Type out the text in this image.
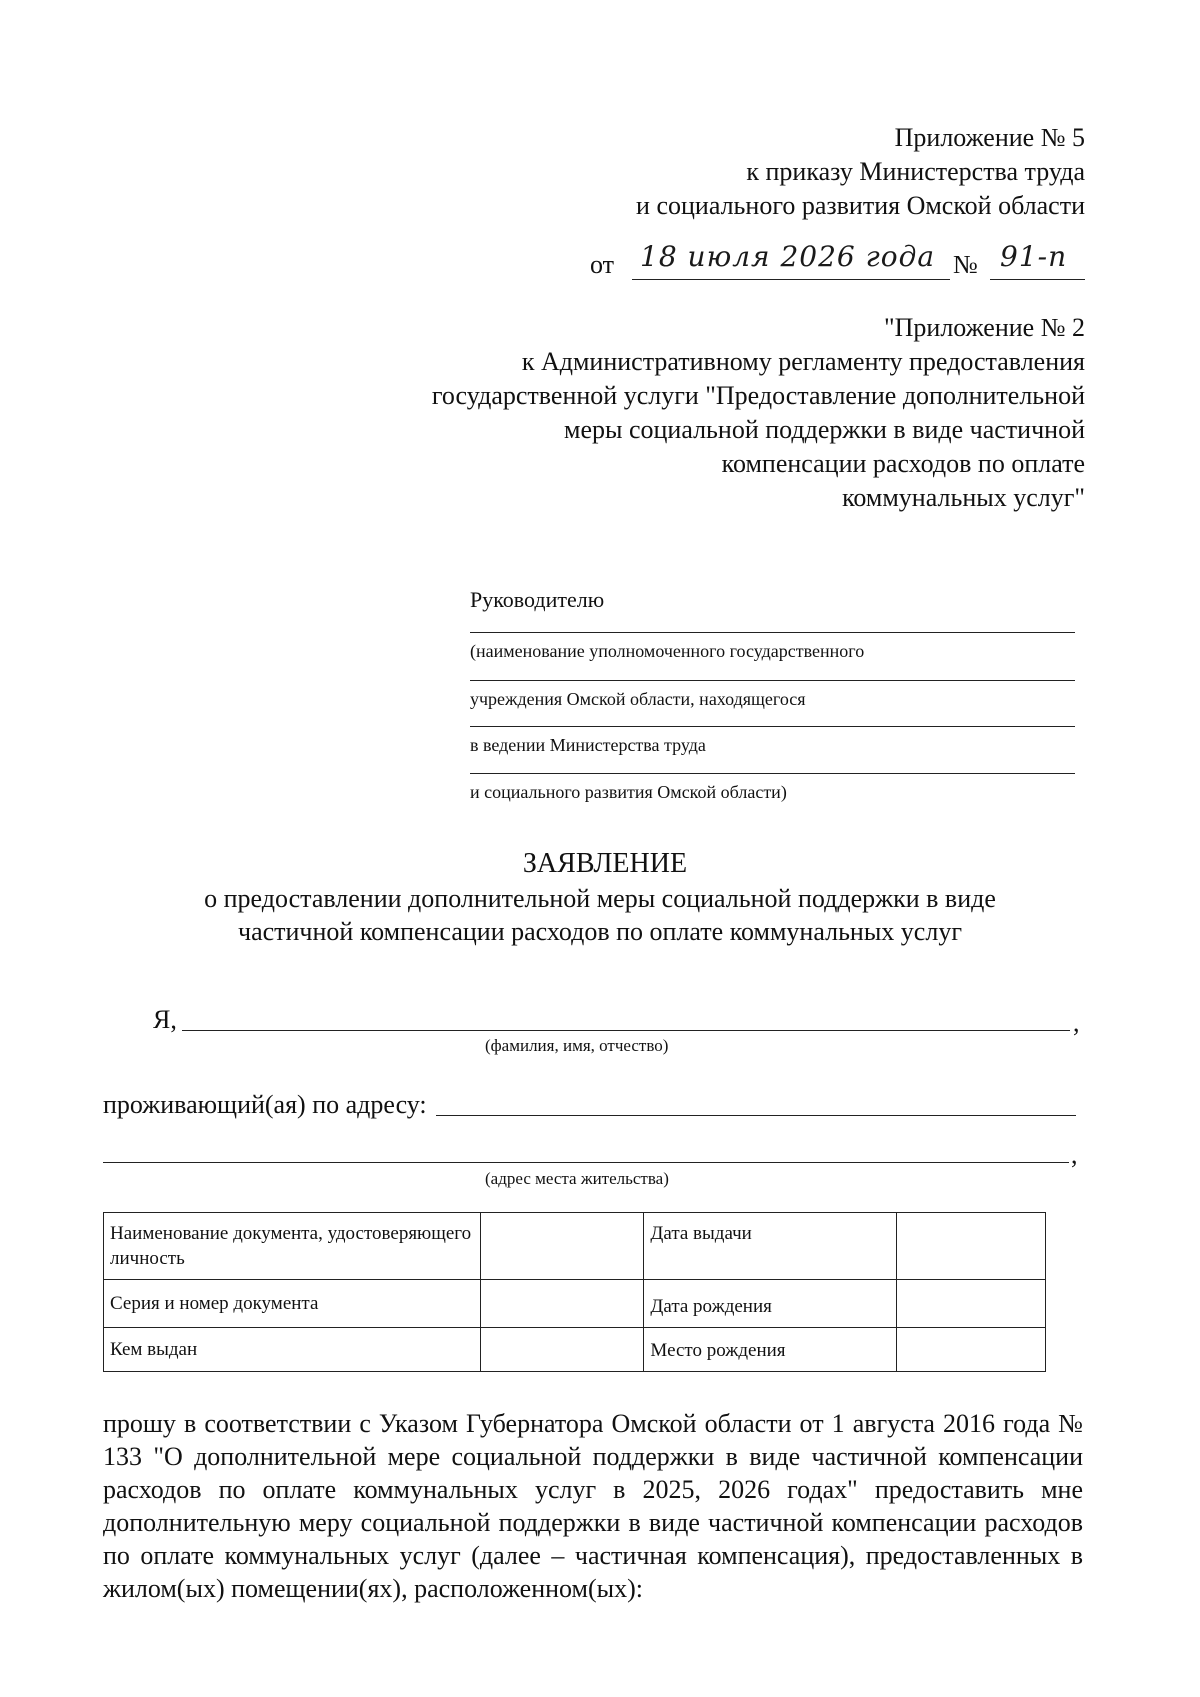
Приложение № 5
к приказу Министерства труда
и социального развития Омской области
от 18 июля 2026 года № 91-п
"Приложение № 2
к Административному регламенту предоставления
государственной услуги "Предоставление дополнительной
меры социальной поддержки в виде частичной
компенсации расходов по оплате
коммунальных услуг"
Руководителю
(наименование уполномоченного государственного
учреждения Омской области, находящегося
в ведении Министерства труда
и социального развития Омской области)
ЗАЯВЛЕНИЕ
о предоставлении дополнительной меры социальной поддержки в виде
частичной компенсации расходов по оплате коммунальных услуг
Я,	,
(фамилия, имя, отчество)
проживающий(ая) по адресу:
,
(адрес места жительства)
Наименование документа, удостоверяющего личность		Дата выдачи	
Серия и номер документа		Дата рождения	
Кем выдан		Место рождения	
прошу в соответствии с Указом Губернатора Омской области от 1 августа 2016 года № 133 "О дополнительной мере социальной поддержки в виде частичной компенсации расходов по оплате коммунальных услуг в 2025, 2026 годах" предоставить мне дополнительную меру социальной поддержки в виде частичной компенсации расходов по оплате коммунальных услуг (далее – частичная компенсация), предоставленных в жилом(ых) помещении(ях), расположенном(ых):
